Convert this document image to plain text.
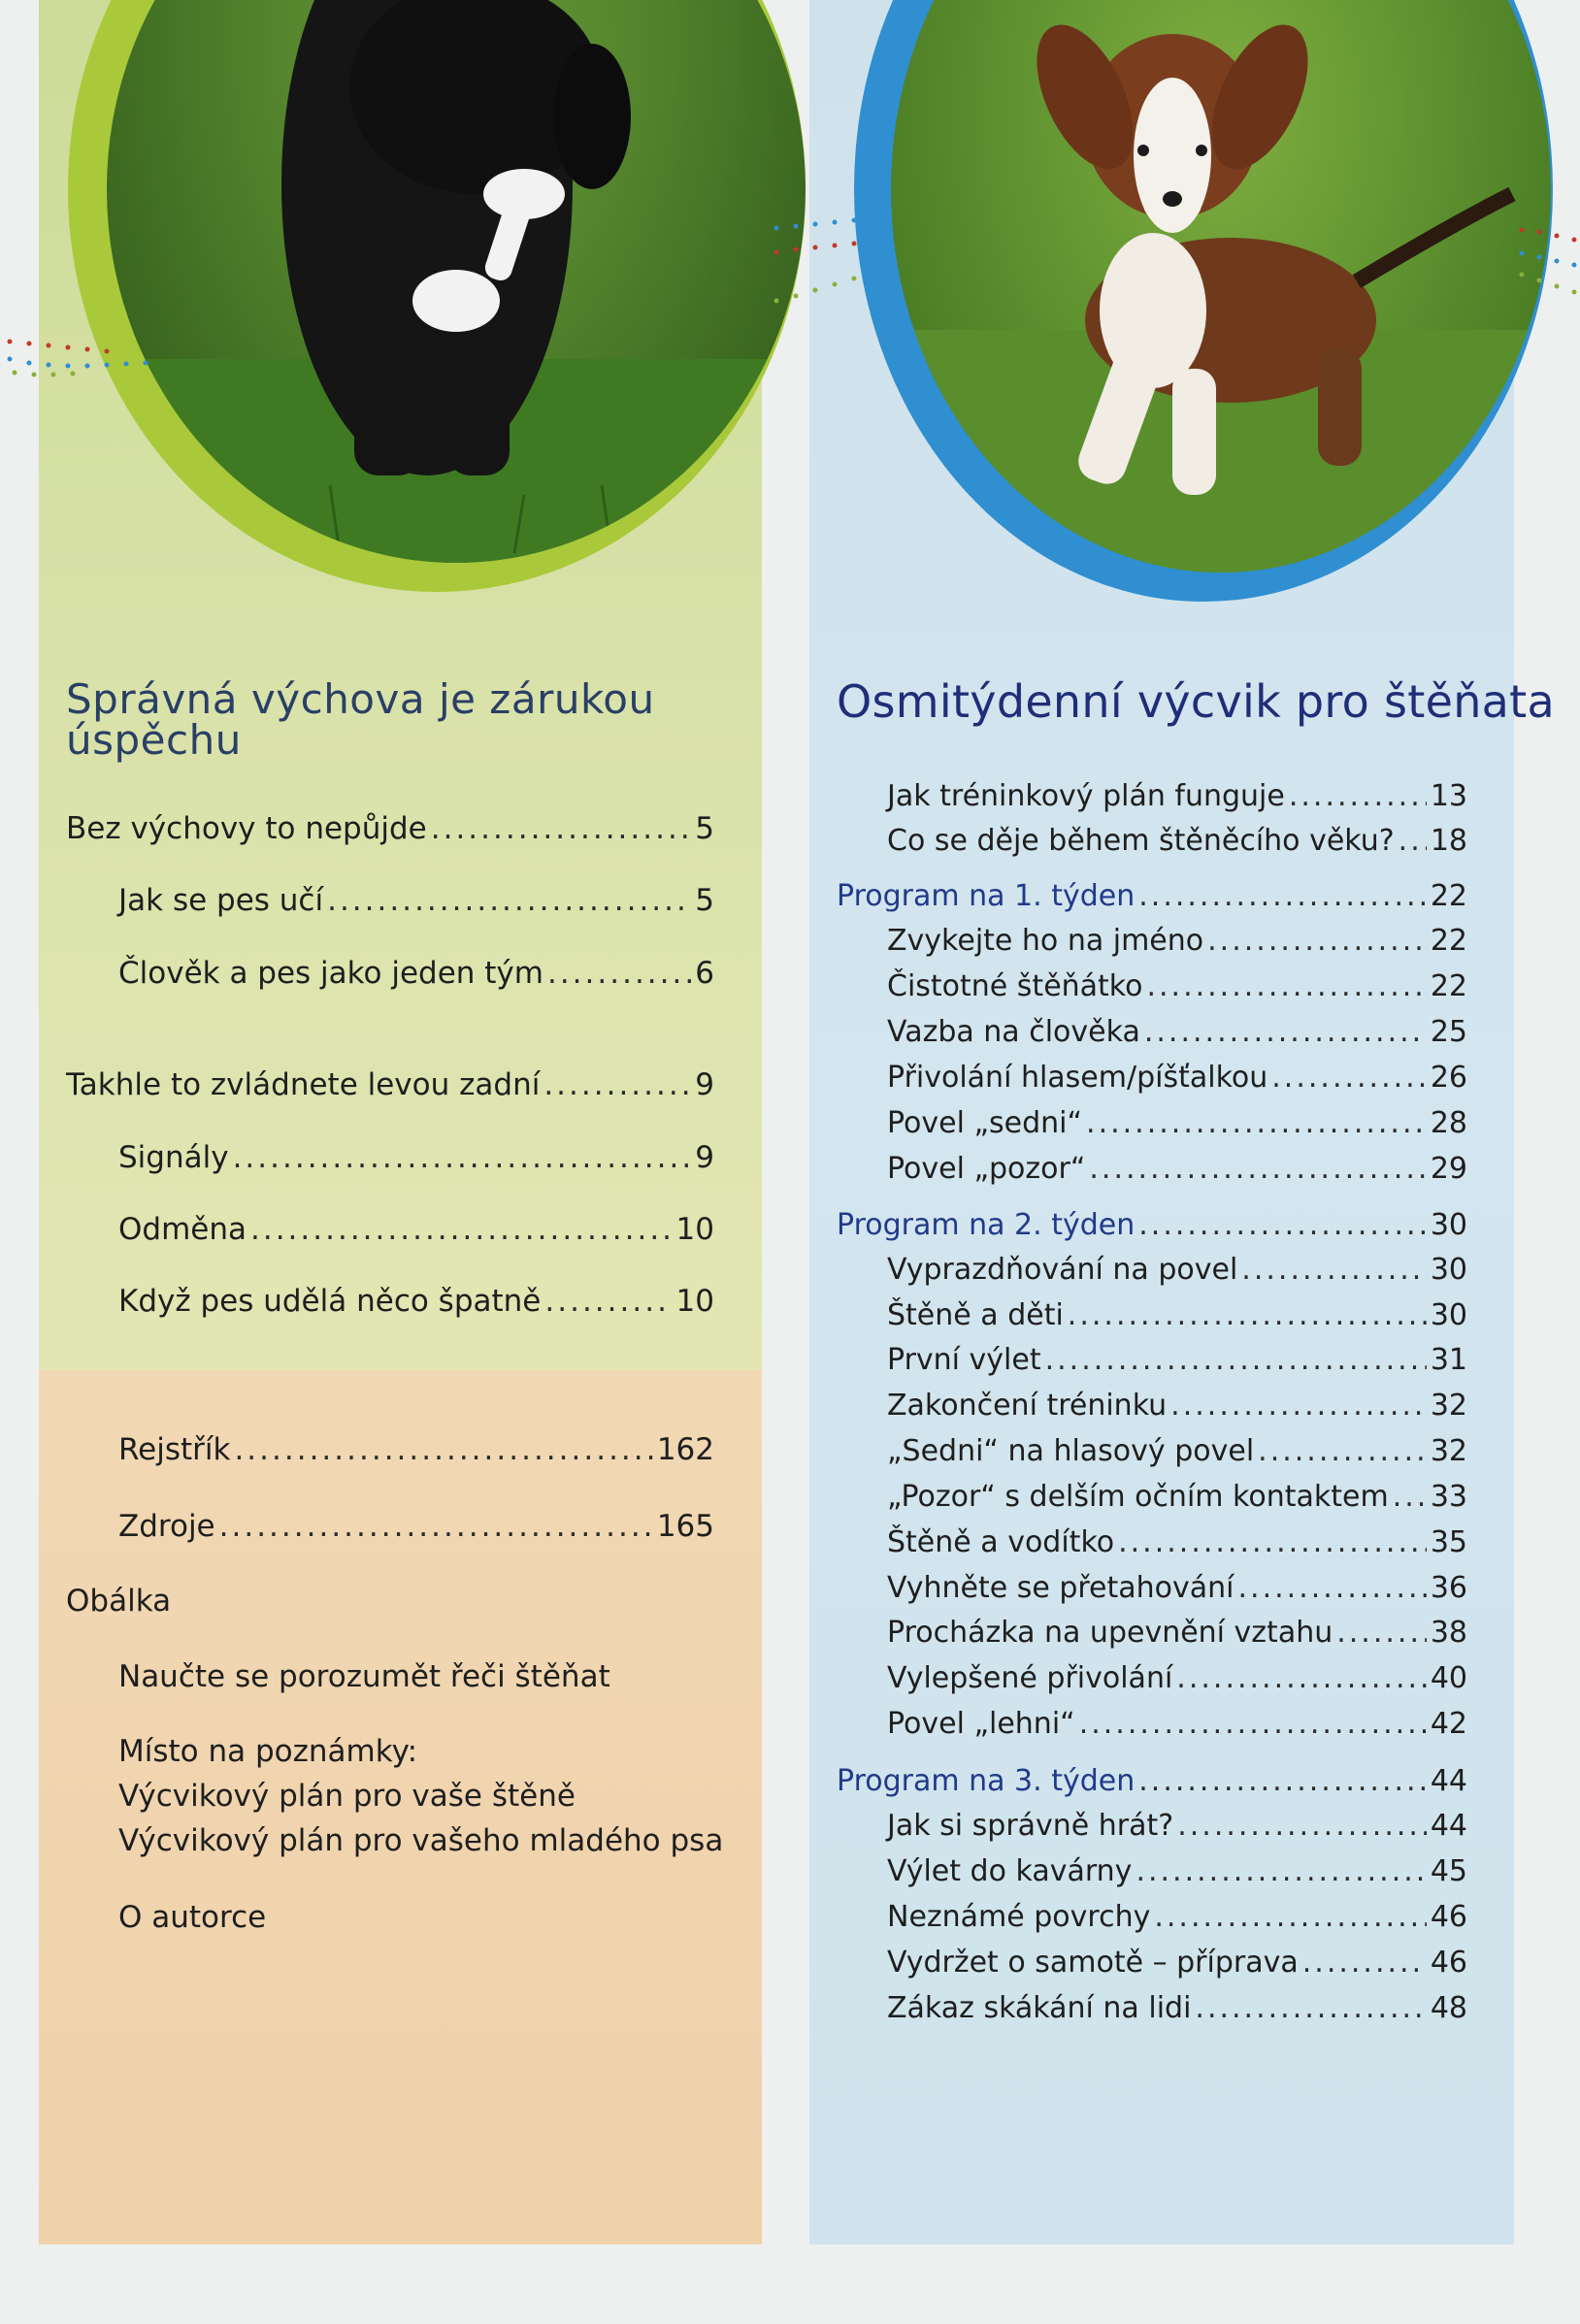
Správná výchova je zárukou úspěchu
Osmitýdenní výcvik pro štěňata
Bez výchovy to nepůjde .....	5
Jak se pes učí .....	5
Člověk a pes jako jeden tým .....	6
Takhle to zvládnete levou zadní .....	9
Signály .....	9
Odměna .....	10
Když pes udělá něco špatně .....	10
Rejstřík .....	162
Zdroje .....	165
Obálka
Naučte se porozumět řeči štěňat
Místo na poznámky:
Výcvikový plán pro vaše štěně
Výcvikový plán pro vašeho mladého psa
O autorce
Jak tréninkový plán funguje .....	13
Co se děje během štěněcího věku? ..... 18
Program na 1. týden .....	22
Zvykejte ho na jméno .....	22
Čistotné štěňátko .....	22
Vazba na člověka .....	25
Přivolání hlasem/píšťalkou .....	26
Povel „sedni“ .....	28
Povel „pozor“ .....	29
Program na 2. týden .....	30
Vyprazdňování na povel .....	30
Štěně a děti .....	30
První výlet .....	31
Zakončení tréninku .....	32
„Sedni“ na hlasový povel .....	32
„Pozor“ s delším očním kontaktem ..... 33
Štěně a vodítko .....	35
Vyhněte se přetahování .....	36
Procházka na upevnění vztahu .....	38
Vylepšené přivolání .....	40
Povel „lehni“ .....	42
Program na 3. týden .....	44
Jak si správně hrát? .....	44
Výlet do kavárny .....	45
Neznámé povrchy .....	46
Vydržet o samotě – příprava .....	46
Zákaz skákání na lidi .....	48
